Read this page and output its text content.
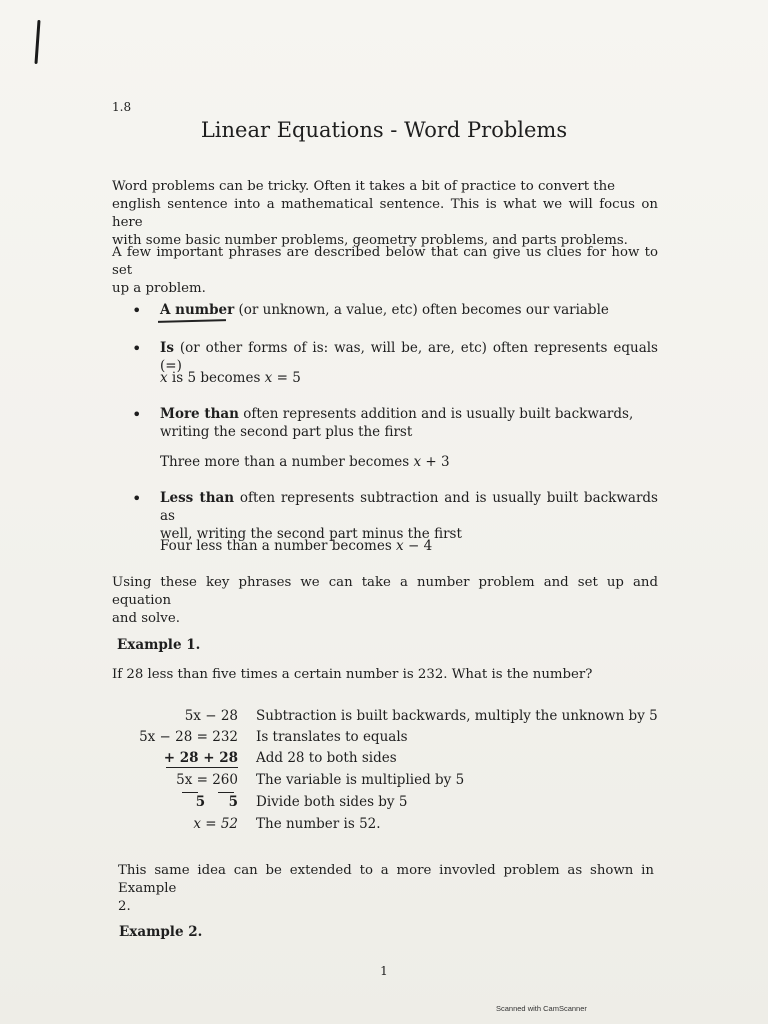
1.8
Linear Equations - Word Problems
Word problems can be tricky. Often it takes a bit of practice to convert the
english sentence into a mathematical sentence. This is what we will focus on here
with some basic number problems, geometry problems, and parts problems.
A few important phrases are described below that can give us clues for how to set
up a problem.
• A number (or unknown, a value, etc) often becomes our variable
• Is (or other forms of is: was, will be, are, etc) often represents equals (=)
x is 5 becomes x = 5
• More than often represents addition and is usually built backwards,
writing the second part plus the first
Three more than a number becomes x + 3
• Less than often represents subtraction and is usually built backwards as
well, writing the second part minus the first
Four less than a number becomes x − 4
Using these key phrases we can take a number problem and set up and equation
and solve.
Example 1.
If 28 less than five times a certain number is 232. What is the number?
5x − 28 Subtraction is built backwards, multiply the unknown by 5
5x − 28 = 232 Is translates to equals
+ 28 + 28 Add 28 to both sides
5x = 260 The variable is multiplied by 5
5     5 Divide both sides by 5
x = 52 The number is 52.
This same idea can be extended to a more invovled problem as shown in Example
2.
Example 2.
1
Scanned with CamScanner
